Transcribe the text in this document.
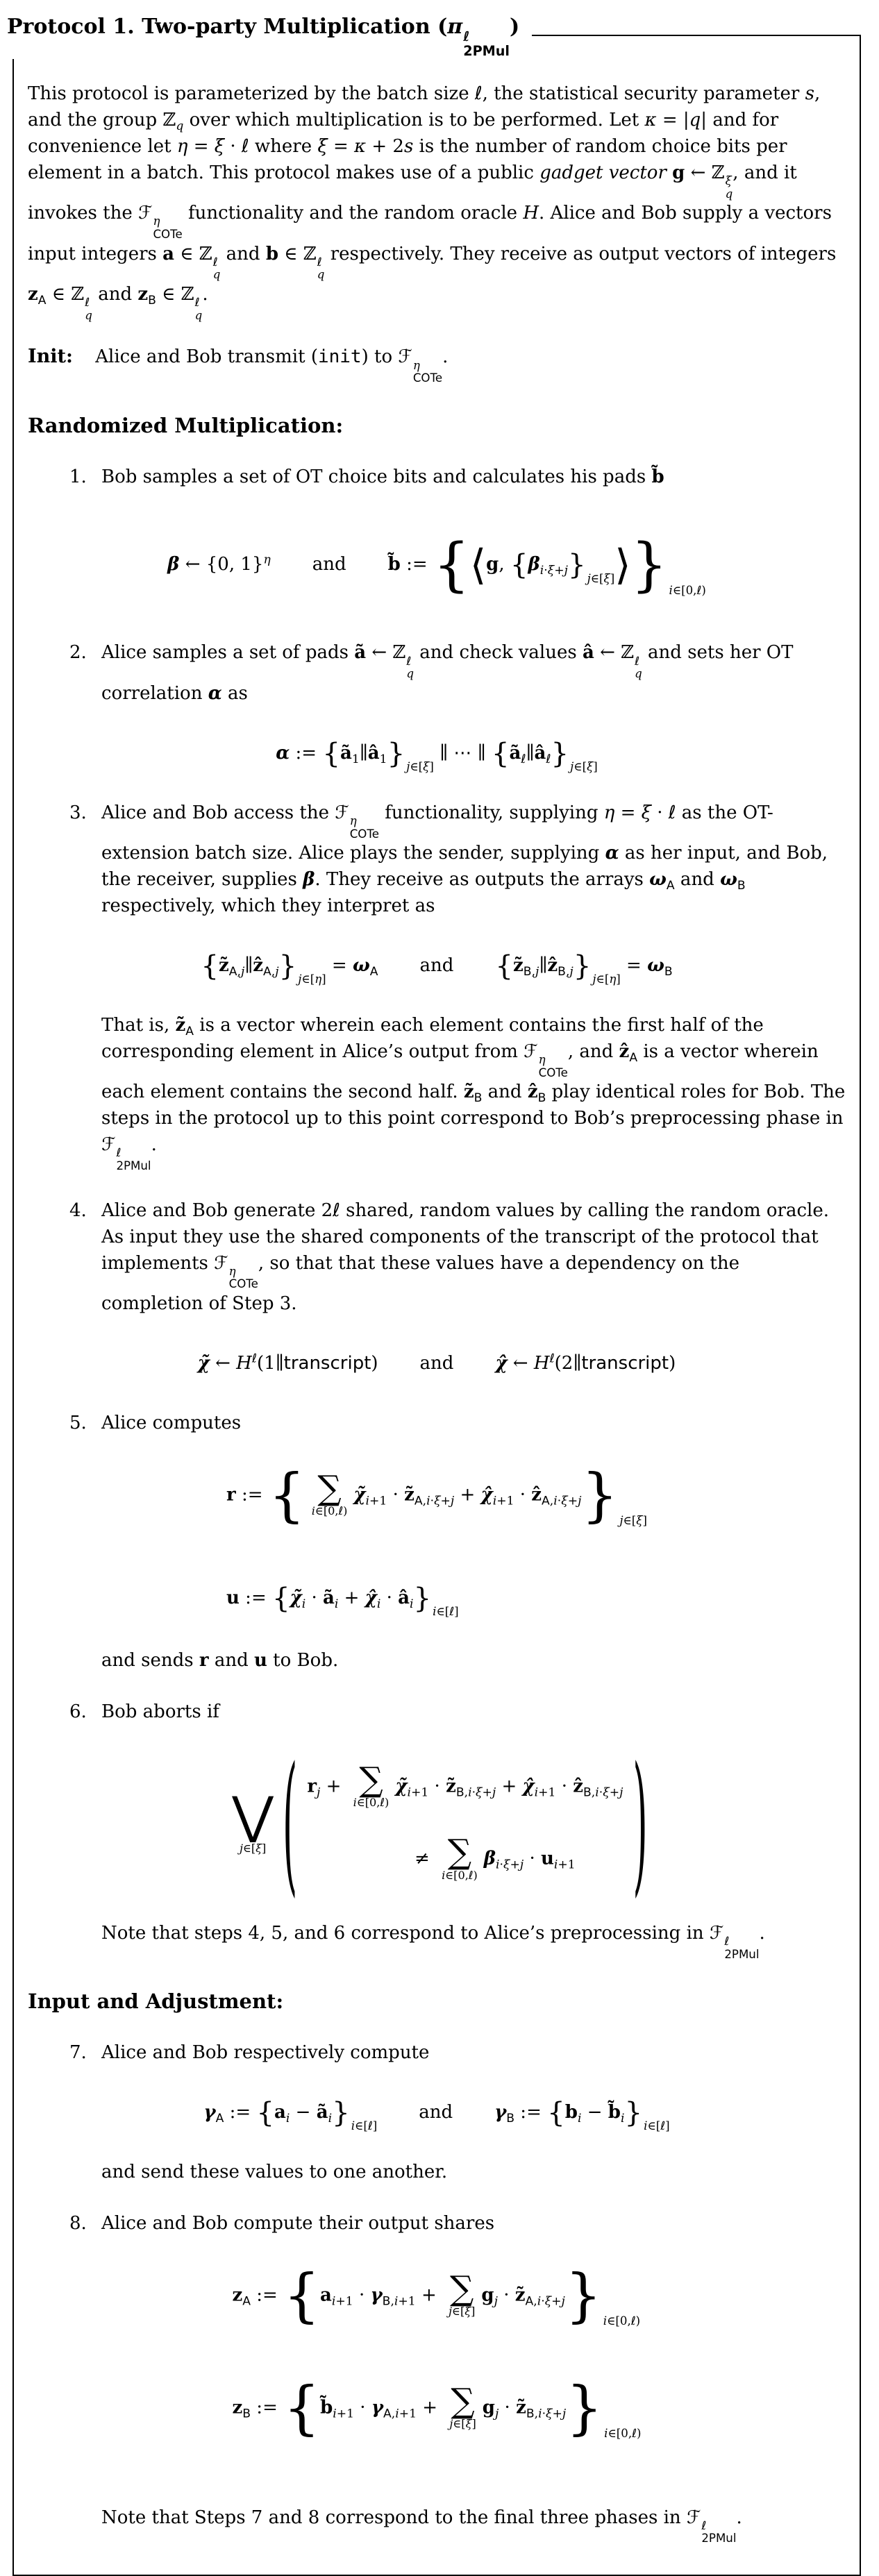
Protocol 1. Two-party Multiplication (π ℓ
2PMul
)

This protocol is parameterized by the batch size ℓ, the statistical security parameter s, and the group ℤ$_q$ over which multiplication is to be performed. Let κ = |q| and for convenience let η = ξ · ℓ where ξ = κ + 2s is the number of random choice bits per element in a batch. This protocol makes use of a public gadget vector g ← ℤ ξ
q
, and it invokes the ℱ η
COTe
functionality and the random oracle H. Alice and Bob supply a vectors input integers a ∈ ℤ ℓ
q
and b ∈ ℤ ℓ
q
respectively. They receive as output vectors of integers $z_A$ ∈ ℤ ℓ
q
and $z_B$ ∈ ℤ ℓ
q
.

Init: Alice and Bob transmit (init) to ℱ η
COTe
.

Randomized Multiplication:
1. Bob samples a set of OT choice bits and calculates his pads b̃
β ← {0, 1}$^\eta$ and b̃ := {⟨g, $\{\beta_{i\cdot\xi+j}\}$ $_{j\in[\xi]}$⟩} $_{i\in[0,\ell)}$
2. Alice samples a set of pads ã ← ℤ ℓ
q
and check values â ← ℤ ℓ
q
and sets her OT correlation α as
α := $\{ã_1\parallel â_1\}$ $_{j\in[\xi]}$ ∥ ⋯ ∥ $\{ã_\ell\parallel â_\ell\}$ $_{j\in[\xi]}$
3. Alice and Bob access the ℱ η
COTe
functionality, supplying η = ξ · ℓ as the OT-extension batch size. Alice plays the sender, supplying α as her input, and Bob, the receiver, supplies β. They receive as outputs the arrays $\omega_A$ and $\omega_B$ respectively, which they interpret as
$\{z̃_{A,j}\parallel ẑ_{A,j}\} _{j\in[\eta]} = \omega_A$ and $\{z̃_{B,j}\parallel ẑ_{B,j}\} _{j\in[\eta]} = \omega_B$
That is, $z̃_A$ is a vector wherein each element contains the first half of the corresponding element in Alice’s output from ℱ η
COTe
, and $ẑ_A$ is a vector wherein each element contains the second half. $z̃_B$ and $ẑ_B$ play identical roles for Bob. The steps in the protocol up to this point correspond to Bob’s preprocessing phase in ℱ ℓ
2PMul
.
4. Alice and Bob generate 2ℓ shared, random values by calling the random oracle. As input they use the shared components of the transcript of the protocol that implements ℱ η
COTe
, so that that these values have a dependency on the completion of Step 3.
χ̃ ← $H^\ell(1\parallel transcript)$ and χ̂ ← $H^\ell(2\parallel transcript)$
5. Alice computes
r := { ∑
i∈[0,ℓ)
$\chĩ_{i+1}$ · $z̃_{A,i\cdot\xi+j}$ + $\chî_{i+1}$ · $ẑ_{A,i\cdot\xi+j}$} $_{j\in[\xi]}$
u := {$\chĩ_i$ · $ã_i$ + $\chî_i$ · $â_i$} $_{i\in[\ell]}$
and sends r and u to Bob.
6. Bob aborts if
⋁
j∈[ξ] ( $r_j$ + ∑
i∈[0,ℓ)
$\chĩ_{i+1}$ · $z̃_{B,i\cdot\xi+j}$ + $\chî_{i+1}$ · $ẑ_{B,i\cdot\xi+j}$
≠ ∑
i∈[0,ℓ)
$\beta_{i\cdot\xi+j} \cdot u_{i+1}$ )
Note that steps 4, 5, and 6 correspond to Alice’s preprocessing in ℱ ℓ
2PMul
.
Input and Adjustment:
7. Alice and Bob respectively compute
$\gamma_A$ := {$a_i$ − $ã_i$} $_{i\in[\ell]}$
and $\gamma_B$ := {$b_i$ − $b̃_i$} $_{i\in[\ell]}$
and send these values to one another.
8. Alice and Bob compute their output shares
$z_A$ := {$a_{i+1} \cdot \gamma_{B,i+1}$ + ∑
j∈[ξ]
$g_j$ · $z̃_{A,i\cdot\xi+j}$} $_{i\in[0,\ell)}$
$z_B$ := {$b̃_{i+1} \cdot \gamma_{A,i+1}$ + ∑
j∈[ξ]
$g_j$ · $z̃_{B,i\cdot\xi+j}$} $_{i\in[0,\ell)}$
Note that Steps 7 and 8 correspond to the final three phases in ℱ ℓ
2PMul
.
